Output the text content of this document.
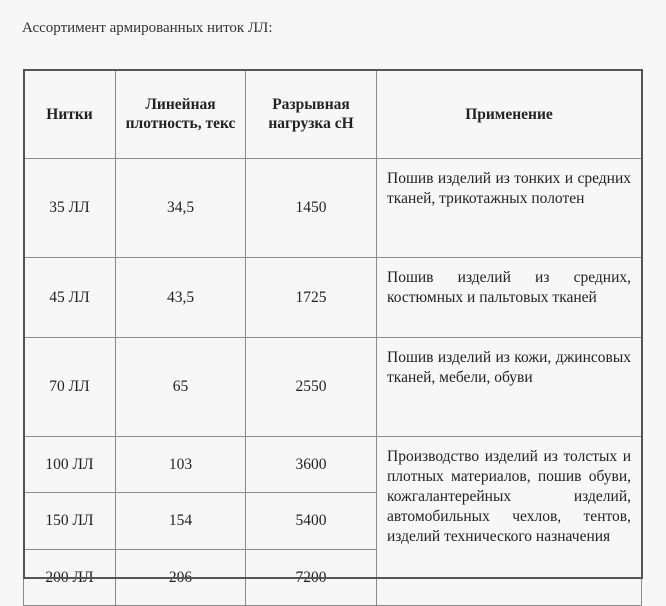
Ассортимент армированных ниток ЛЛ:
Нитки	Линейная плотность, текс	Разрывная нагрузка сН	Применение
35 ЛЛ	34,5	1450	Пошив изделий из тонких и средних тканей, трикотажных полотен
45 ЛЛ	43,5	1725	Пошив изделий из средних, костюмных и пальтовых тканей
70 ЛЛ	65	2550	Пошив изделий из кожи, джинсовых тканей, мебели, обуви
100 ЛЛ	103	3600	Производство изделий из толстых и плотных материалов, пошив обуви, кожгалантерейных изделий, автомобильных чехлов, тентов, изделий технического назначения
150 ЛЛ	154	5400	
200 ЛЛ	206	7200	
